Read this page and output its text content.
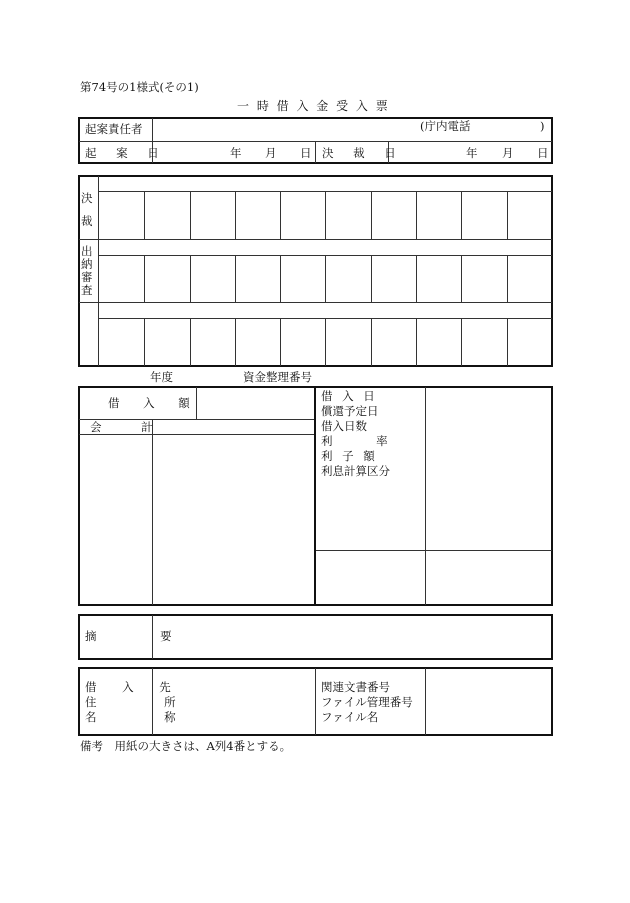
第74号の1様式(その1)
一 時 借 入 金 受 入 票
起案責任者	(庁内電話	)
起 案 日	年 月 日 決 裁 日	年 月 日
決
裁
出
納
審
査
年度	資金整理番号
借 入 額
会 計
借 入 日
償還予定日
借入日数
利 率
利 子 額
利息計算区分
摘 要
借 入 先
住 所
名 称
関連文書番号
ファイル管理番号
ファイル名
備考　用紙の大きさは、A列4番とする。
